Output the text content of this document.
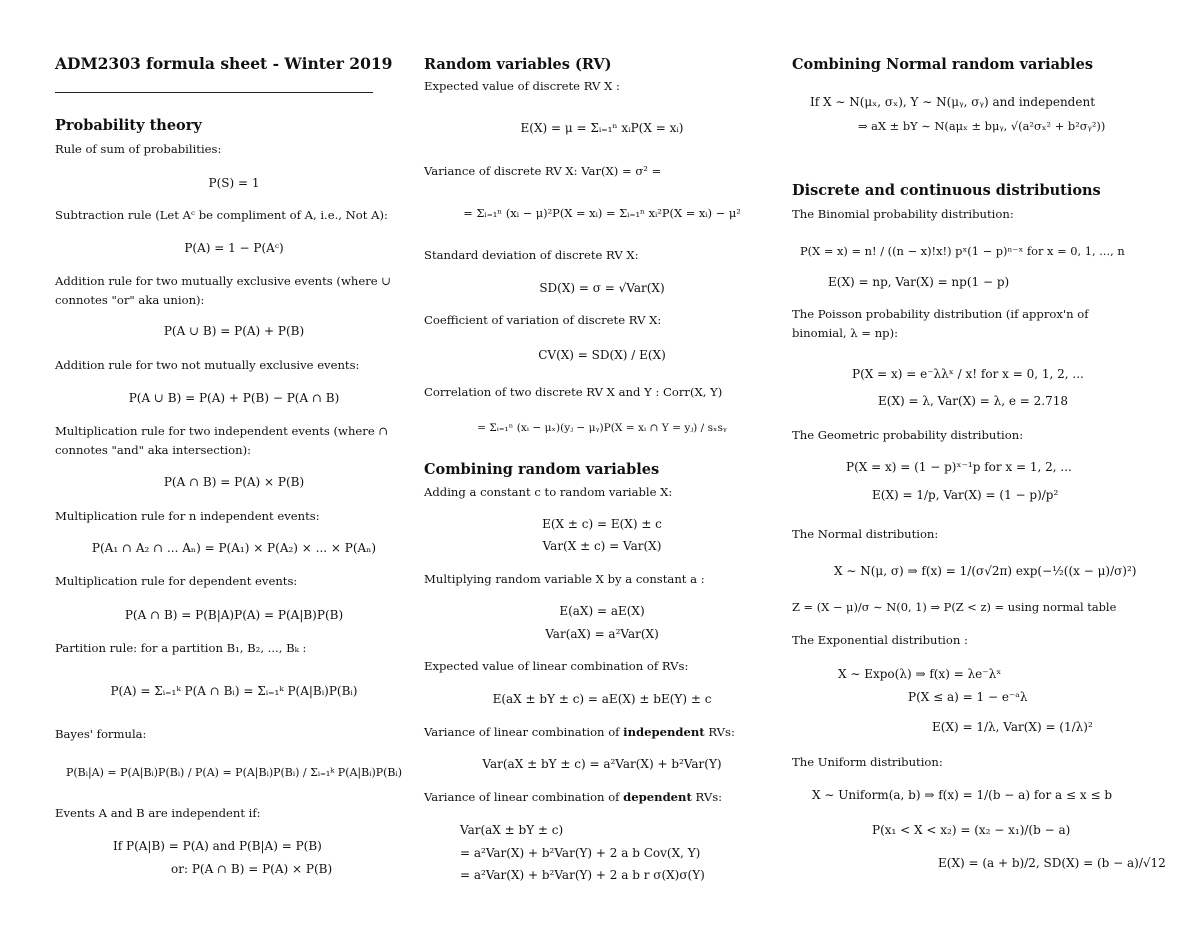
ADM2303 formula sheet - Winter 2019
Probability theory
Rule of sum of probabilities:
P(S) = 1
Subtraction rule (Let Aᶜ be compliment of A, i.e., Not A):
P(A) = 1 − P(Aᶜ)
Addition rule for two mutually exclusive events (where ∪ connotes "or" aka union):
P(A ∪ B) = P(A) + P(B)
Addition rule for two not mutually exclusive events:
P(A ∪ B) = P(A) + P(B) − P(A ∩ B)
Multiplication rule for two independent events (where ∩ connotes "and" aka intersection):
P(A ∩ B) = P(A) × P(B)
Multiplication rule for n independent events:
P(A₁ ∩ A₂ ∩ ... Aₙ) = P(A₁) × P(A₂) × ... × P(Aₙ)
Multiplication rule for dependent events:
P(A ∩ B) = P(B|A)P(A) = P(A|B)P(B)
Partition rule: for a partition B₁, B₂, ..., Bₖ :
P(A) = Σᵢ₌₁ᵏ P(A ∩ Bᵢ) = Σᵢ₌₁ᵏ P(A|Bᵢ)P(Bᵢ)
Bayes' formula:
P(Bᵢ|A) = P(A|Bᵢ)P(Bᵢ) / P(A) = P(A|Bᵢ)P(Bᵢ) / Σᵢ₌₁ᵏ P(A|Bᵢ)P(Bᵢ)
Events A and B are independent if:
If P(A|B) = P(A) and P(B|A) = P(B)
or: P(A ∩ B) = P(A) × P(B)
Random variables (RV)
Expected value of discrete RV X :
E(X) = μ = Σᵢ₌₁ⁿ xᵢP(X = xᵢ)
Variance of discrete RV X: Var(X) = σ² =
= Σᵢ₌₁ⁿ (xᵢ − μ)²P(X = xᵢ) = Σᵢ₌₁ⁿ xᵢ²P(X = xᵢ) − μ²
Standard deviation of discrete RV X:
SD(X) = σ = √Var(X)
Coefficient of variation of discrete RV X:
CV(X) = SD(X) / E(X)
Correlation of two discrete RV X and Y : Corr(X, Y)
= Σᵢ₌₁ⁿ (xᵢ − μₓ)(yⱼ − μᵧ)P(X = xᵢ ∩ Y = yⱼ) / sₓsᵧ
Combining random variables
Adding a constant c to random variable X:
E(X ± c) = E(X) ± c
Var(X ± c) = Var(X)
Multiplying random variable X by a constant a :
E(aX) = aE(X)
Var(aX) = a²Var(X)
Expected value of linear combination of RVs:
E(aX ± bY ± c) = aE(X) ± bE(Y) ± c
Variance of linear combination of independent RVs:
Var(aX ± bY ± c) = a²Var(X) + b²Var(Y)
Variance of linear combination of dependent RVs:
Var(aX ± bY ± c)
= a²Var(X) + b²Var(Y) + 2 a b Cov(X, Y)
= a²Var(X) + b²Var(Y) + 2 a b r σ(X)σ(Y)
Combining Normal random variables
If X ∼ N(μₓ, σₓ), Y ∼ N(μᵧ, σᵧ) and independent
⇒ aX ± bY ∼ N(aμₓ ± bμᵧ, √(a²σₓ² + b²σᵧ²))
Discrete and continuous distributions
The Binomial probability distribution:
P(X = x) = n! / ((n − x)!x!) pˣ(1 − p)ⁿ⁻ˣ for x = 0, 1, ..., n
E(X) = np, Var(X) = np(1 − p)
The Poisson probability distribution (if approx'n of binomial, λ = np):
P(X = x) = e⁻λλˣ / x! for x = 0, 1, 2, ...
E(X) = λ, Var(X) = λ, e = 2.718
The Geometric probability distribution:
P(X = x) = (1 − p)ˣ⁻¹p for x = 1, 2, ...
E(X) = 1/p, Var(X) = (1 − p)/p²
The Normal distribution:
X ∼ N(μ, σ) ⇒ f(x) = 1/(σ√2π) exp(−½((x − μ)/σ)²)
Z = (X − μ)/σ ∼ N(0, 1) ⇒ P(Z < z) = using normal table
The Exponential distribution :
X ∼ Expo(λ) ⇒ f(x) = λe⁻λˣ
P(X ≤ a) = 1 − e⁻ᵃλ
E(X) = 1/λ, Var(X) = (1/λ)²
The Uniform distribution:
X ∼ Uniform(a, b) ⇒ f(x) = 1/(b − a) for a ≤ x ≤ b
P(x₁ < X < x₂) = (x₂ − x₁)/(b − a)
E(X) = (a + b)/2, SD(X) = (b − a)/√12
